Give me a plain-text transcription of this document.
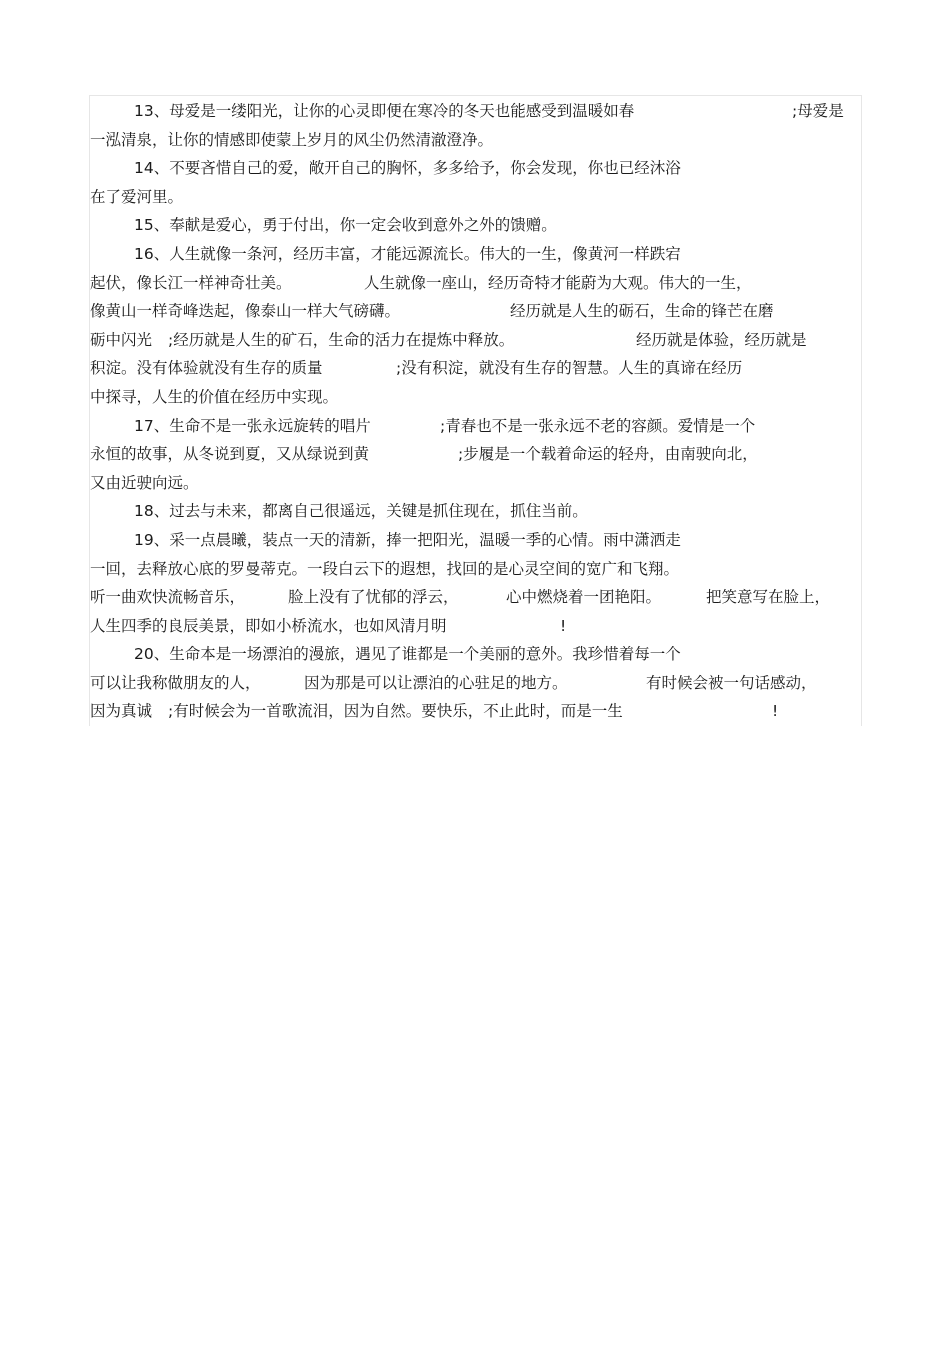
13、母爱是一缕阳光，让你的心灵即便在寒冷的冬天也能感受到温暖如春	;母爱是
一泓清泉，让你的情感即使蒙上岁月的风尘仍然清澈澄净。
14、不要吝惜自己的爱，敞开自己的胸怀，多多给予，你会发现，你也已经沐浴
在了爱河里。
15、奉献是爱心，勇于付出，你一定会收到意外之外的馈赠。
16、人生就像一条河，经历丰富，才能远源流长。伟大的一生，像黄河一样跌宕
起伏，像长江一样神奇壮美。	人生就像一座山，经历奇特才能蔚为大观。伟大的一生，
像黄山一样奇峰迭起，像泰山一样大气磅礴。	经历就是人生的砺石，生命的锋芒在磨
砺中闪光 ;经历就是人生的矿石，生命的活力在提炼中释放。	经历就是体验，经历就是
积淀。没有体验就没有生存的质量	;没有积淀，就没有生存的智慧。人生的真谛在经历
中探寻，人生的价值在经历中实现。
17、生命不是一张永远旋转的唱片	;青春也不是一张永远不老的容颜。爱情是一个
永恒的故事，从冬说到夏，又从绿说到黄	;步履是一个载着命运的轻舟，由南驶向北，
又由近驶向远。
18、过去与未来，都离自己很遥远，关键是抓住现在，抓住当前。
19、采一点晨曦，装点一天的清新，捧一把阳光，温暖一季的心情。雨中潇洒走
一回，去释放心底的罗曼蒂克。一段白云下的遐想，找回的是心灵空间的宽广和飞翔。
听一曲欢快流畅音乐，	脸上没有了忧郁的浮云，	心中燃烧着一团艳阳。	把笑意写在脸上，
人生四季的良辰美景，即如小桥流水，也如风清月明	!
20、生命本是一场漂泊的漫旅，遇见了谁都是一个美丽的意外。我珍惜着每一个
可以让我称做朋友的人，	因为那是可以让漂泊的心驻足的地方。	有时候会被一句话感动，
因为真诚 ;有时候会为一首歌流泪，因为自然。要快乐，不止此时，而是一生	!
